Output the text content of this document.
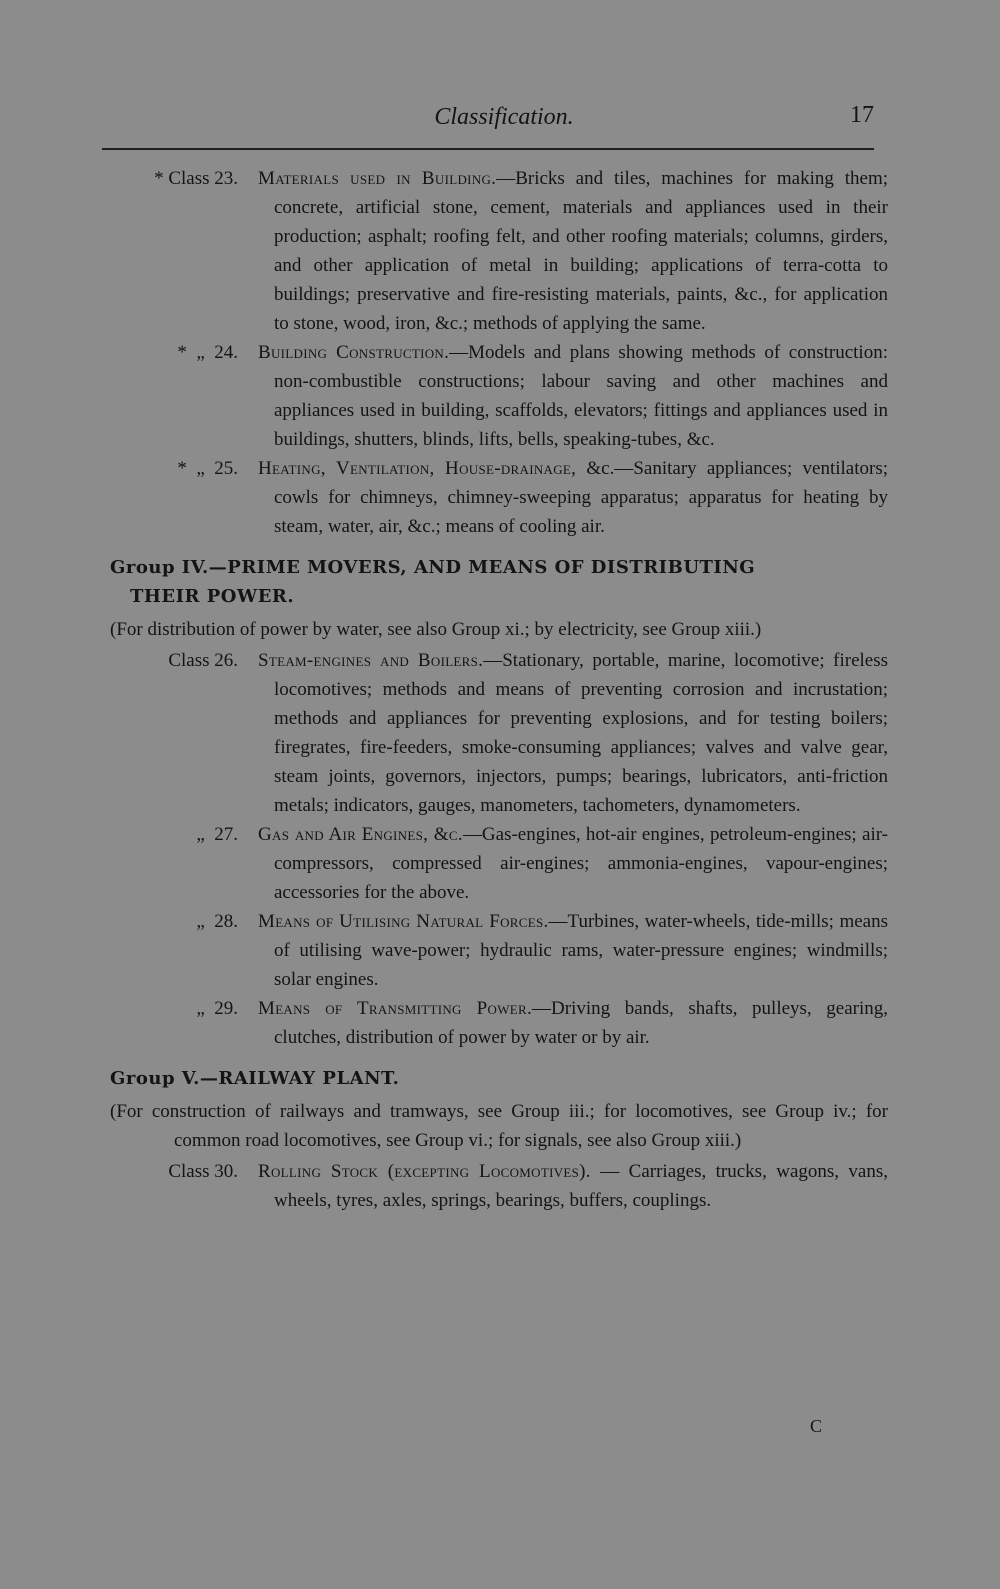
Classification.	17
* Class 23. Materials used in Building.—Bricks and tiles, machines for making them; concrete, artificial stone, cement, materials and appliances used in their production; asphalt; roofing felt, and other roofing materials; columns, girders, and other application of metal in building; applications of terra-cotta to buildings; preservative and fire-resisting materials, paints, &c., for application to stone, wood, iron, &c.; methods of applying the same.
*  „  24. Building Construction.—Models and plans showing methods of construction: non-combustible constructions; labour saving and other machines and appliances used in building, scaffolds, elevators; fittings and appliances used in buildings, shutters, blinds, lifts, bells, speaking-tubes, &c.
*  „  25. Heating, Ventilation, House-drainage, &c.—Sanitary appliances; ventilators; cowls for chimneys, chimney-sweeping apparatus; apparatus for heating by steam, water, air, &c.; means of cooling air.
Group IV.—PRIME MOVERS, AND MEANS OF DISTRIBUTING
THEIR POWER.
(For distribution of power by water, see also Group xi.; by electricity, see Group xiii.)
Class 26. Steam-engines and Boilers.—Stationary, portable, marine, locomotive; fireless locomotives; methods and means of preventing corrosion and incrustation; methods and appliances for preventing explosions, and for testing boilers; firegrates, fire-feeders, smoke-consuming appliances; valves and valve gear, steam joints, governors, injectors, pumps; bearings, lubricators, anti-friction metals; indicators, gauges, manometers, tachometers, dynamometers.
„  27. Gas and Air Engines, &c.—Gas-engines, hot-air engines, petroleum-engines; air-compressors, compressed air-engines; ammonia-engines, vapour-engines; accessories for the above.
„  28. Means of Utilising Natural Forces.—Turbines, water-wheels, tide-mills; means of utilising wave-power; hydraulic rams, water-pressure engines; windmills; solar engines.
„  29. Means of Transmitting Power.—Driving bands, shafts, pulleys, gearing, clutches, distribution of power by water or by air.
Group V.—RAILWAY PLANT.
(For construction of railways and tramways, see Group iii.; for locomotives, see Group iv.; for common road locomotives, see Group vi.; for signals, see also Group xiii.)
Class 30. Rolling Stock (excepting Locomotives). — Carriages, trucks, wagons, vans, wheels, tyres, axles, springs, bearings, buffers, couplings.
C
